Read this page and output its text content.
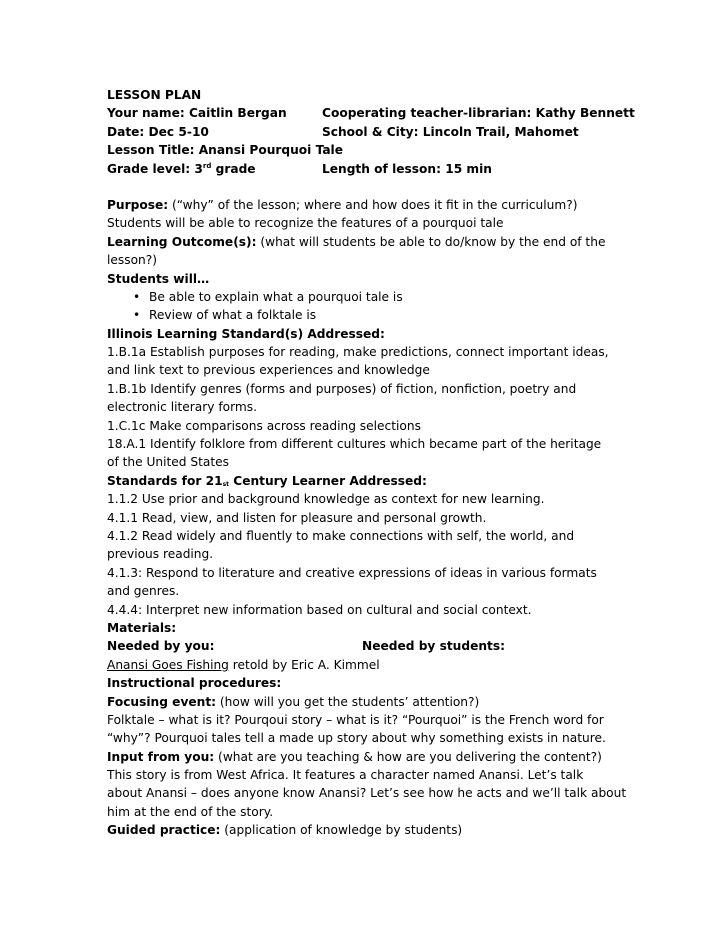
LESSON PLAN
Your name: Caitlin Bergan	Cooperating teacher-librarian: Kathy Bennett
Date: Dec 5-10	School & City: Lincoln Trail, Mahomet
Lesson Title: Anansi Pourquoi Tale
Grade level: 3rd grade	Length of lesson: 15 min
Purpose: (“why” of the lesson; where and how does it fit in the curriculum?)
Students will be able to recognize the features of a pourquoi tale
Learning Outcome(s): (what will students be able to do/know by the end of the
lesson?)
Students will…
• Be able to explain what a pourquoi tale is
• Review of what a folktale is
Illinois Learning Standard(s) Addressed:
1.B.1a Establish purposes for reading, make predictions, connect important ideas,
and link text to previous experiences and knowledge
1.B.1b Identify genres (forms and purposes) of fiction, nonfiction, poetry and
electronic literary forms.
1.C.1c Make comparisons across reading selections
18.A.1 Identify folklore from different cultures which became part of the heritage
of the United States
Standards for $21_{st}$ Century Learner Addressed:
1.1.2 Use prior and background knowledge as context for new learning.
4.1.1 Read, view, and listen for pleasure and personal growth.
4.1.2 Read widely and fluently to make connections with self, the world, and
previous reading.
4.1.3: Respond to literature and creative expressions of ideas in various formats
and genres.
4.4.4: Interpret new information based on cultural and social context.
Materials:
Needed by you:	Needed by students:
Anansi Goes Fishing retold by Eric A. Kimmel
Instructional procedures:
Focusing event: (how will you get the students’ attention?)
Folktale – what is it? Pourqoui story – what is it? “Pourquoi” is the French word for
“why”? Pourquoi tales tell a made up story about why something exists in nature.
Input from you: (what are you teaching & how are you delivering the content?)
This story is from West Africa. It features a character named Anansi. Let’s talk
about Anansi – does anyone know Anansi? Let’s see how he acts and we’ll talk about
him at the end of the story.
Guided practice: (application of knowledge by students)
